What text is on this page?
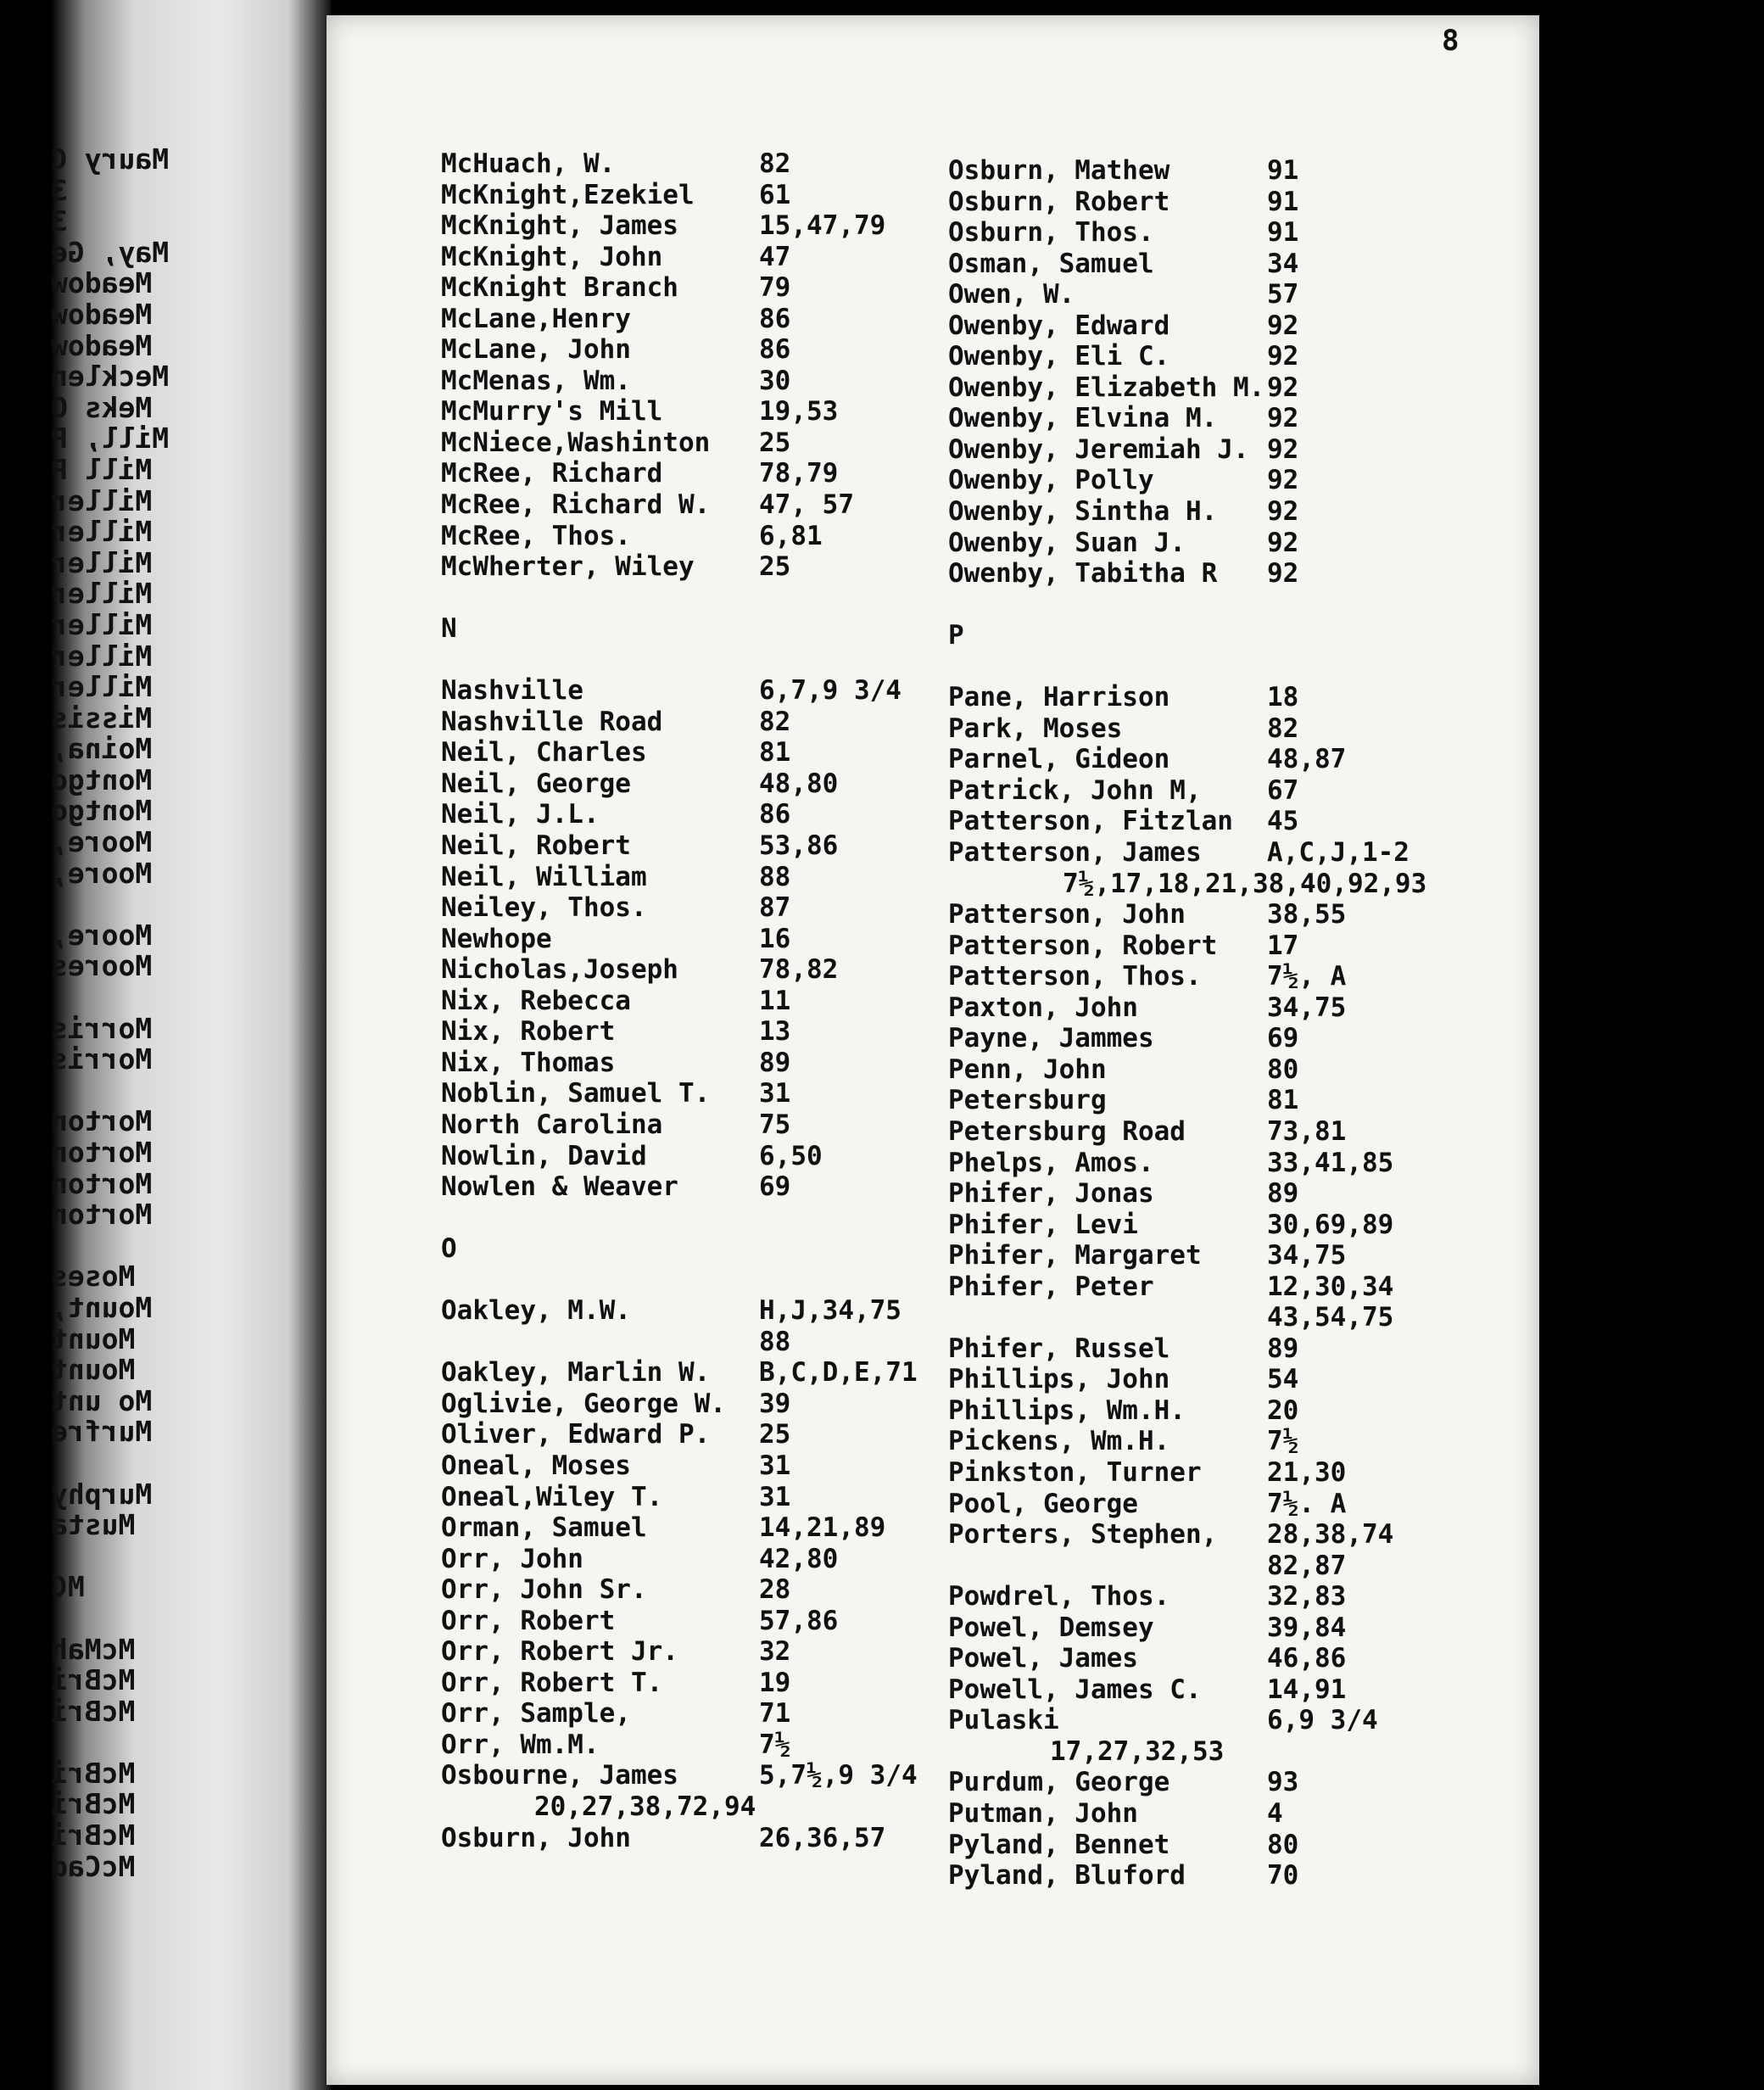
Maury C
3
3
May, Ge
Meadow
Meadow
Meadow
Mecklen
Meks O
Mill, P
Mill P
Miller
Miller
Miller
Miller
Miller
Miller
Miller
Missis
Moina,
Montgo
Montgo
Moore,
Moore,
Moore,
Moores
Morris
Morris
Morton
Morton
Morton
Morton
Moses
Mount,
Mount
Mount
Mo unt
Murfre
Murphy
Musta
MC
McMah
McBri
McBri
McBri
McBri
McBri
McCad
8
McHuach, W.	82
McKnight,Ezekiel 61
McKnight, James	15,47,79
McKnight, John	47
McKnight Branch	79
McLane,Henry	86
McLane, John	86
McMenas, Wm.	30
McMurry's Mill	19,53
McNiece,Washinton 25
McRee, Richard	78,79
McRee, Richard W. 47, 57
McRee, Thos.	6,81
McWherter, Wiley 25
N
Nashville	6,7,9 3/4
Nashville Road	82
Neil, Charles	81
Neil, George	48,80
Neil, J.L.	86
Neil, Robert	53,86
Neil, William	88
Neiley, Thos.	87
Newhope	16
Nicholas,Joseph	78,82
Nix, Rebecca	11
Nix, Robert	13
Nix, Thomas	89
Noblin, Samuel T. 31
North Carolina	75
Nowlin, David	6,50
Nowlen & Weaver	69
O
Oakley, M.W.	H,J,34,75
88
Oakley, Marlin W. B,C,D,E,71
Oglivie, George W. 39
Oliver, Edward P. 25
Oneal, Moses	31
Oneal,Wiley T.	31
Orman, Samuel	14,21,89
Orr, John	42,80
Orr, John Sr.	28
Orr, Robert	57,86
Orr, Robert Jr.	32
Orr, Robert T.	19
Orr, Sample,	71
Orr, Wm.M.	7½
Osbourne, James	5,7½,9 3/4
20,27,38,72,94
Osburn, John	26,36,57
Osburn, Mathew	91
Osburn, Robert	91
Osburn, Thos.	91
Osman, Samuel	34
Owen, W.	57
Owenby, Edward	92
Owenby, Eli C.	92
Owenby, Elizabeth M. 92
Owenby, Elvina M. 92
Owenby, Jeremiah J. 92
Owenby, Polly	92
Owenby, Sintha H. 92
Owenby, Suan J.	92
Owenby, Tabitha R 92
P
Pane, Harrison	18
Park, Moses	82
Parnel, Gideon	48,87
Patrick, John M, 67
Patterson, Fitzlan 45
Patterson, James A,C,J,1-2
7½,17,18,21,38,40,92,93
Patterson, John	38,55
Patterson, Robert 17
Patterson, Thos. 7½, A
Paxton, John	34,75
Payne, Jammes	69
Penn, John	80
Petersburg	81
Petersburg Road	73,81
Phelps, Amos.	33,41,85
Phifer, Jonas	89
Phifer, Levi	30,69,89
Phifer, Margaret 34,75
Phifer, Peter	12,30,34
43,54,75
Phifer, Russel	89
Phillips, John	54
Phillips, Wm.H.	20
Pickens, Wm.H.	7½
Pinkston, Turner 21,30
Pool, George	7½. A
Porters, Stephen, 28,38,74
82,87
Powdrel, Thos.	32,83
Powel, Demsey	39,84
Powel, James	46,86
Powell, James C. 14,91
Pulaski	6,9 3/4
17,27,32,53
Purdum, George	93
Putman, John	4
Pyland, Bennet	80
Pyland, Bluford	70
